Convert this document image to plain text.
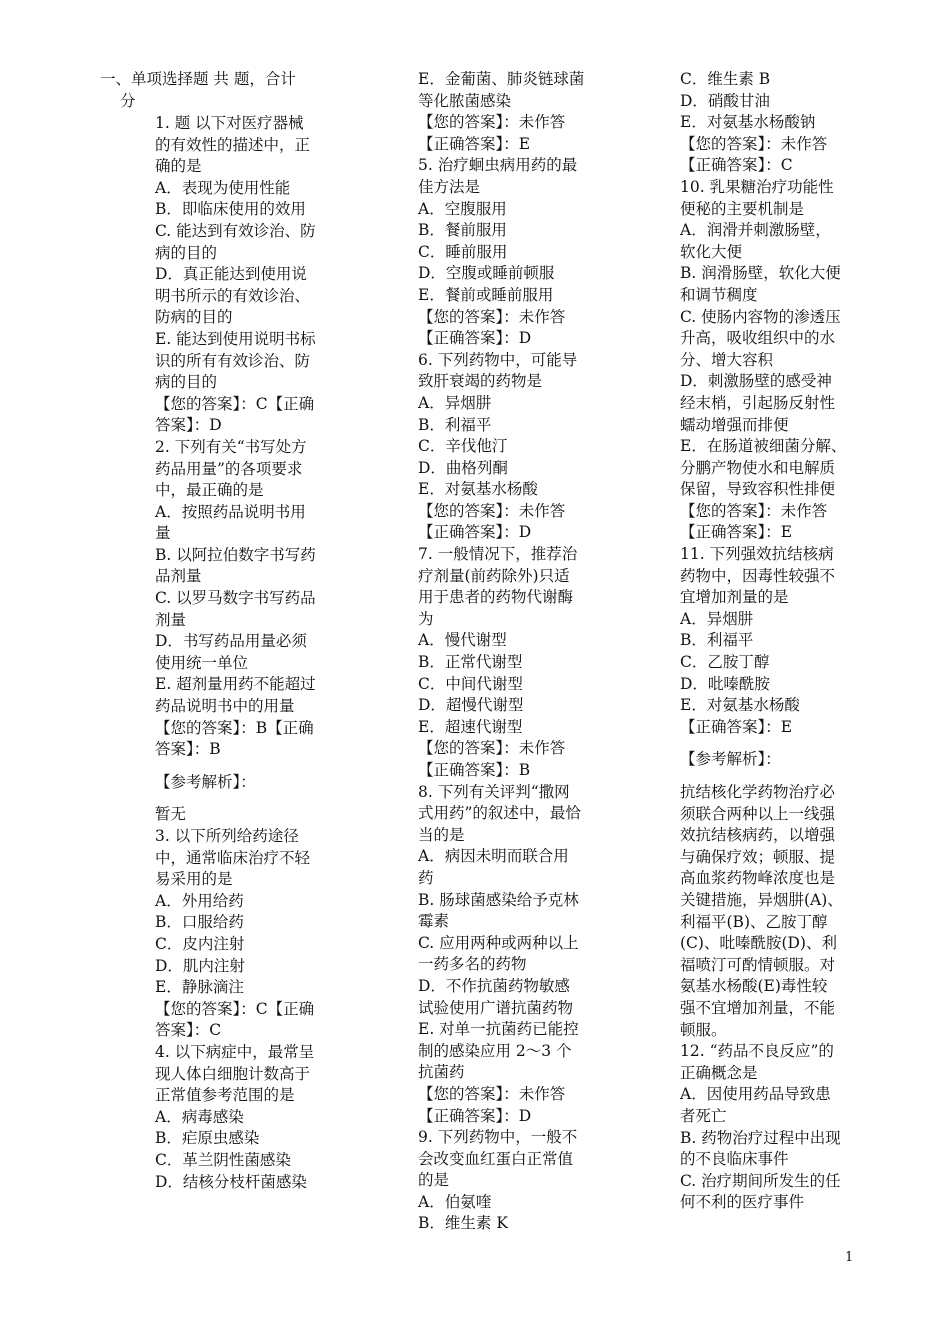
一、单项选择题 共 题，合计
分
1. 题 以下对医疗器械
的有效性的描述中，正
确的是
A．表现为使用性能
B．即临床使用的效用
C. 能达到有效诊治、防
病的目的
D．真正能达到使用说
明书所示的有效诊治、
防病的目的
E. 能达到使用说明书标
识的所有有效诊治、防
病的目的
【您的答案】：C【正确
答案】：D
2. 下列有关“书写处方
药品用量”的各项要求
中，最正确的是
A．按照药品说明书用
量
B. 以阿拉伯数字书写药
品剂量
C. 以罗马数字书写药品
剂量
D．书写药品用量必须
使用统一单位
E. 超剂量用药不能超过
药品说明书中的用量
【您的答案】：B【正确
答案】：B
【参考解析】：
暂无
3. 以下所列给药途径
中，通常临床治疗不轻
易采用的是
A．外用给药
B．口服给药
C．皮内注射
D．肌内注射
E．静脉滴注
【您的答案】：C【正确
答案】：C
4. 以下病症中，最常呈
现人体白细胞计数高于
正常值参考范围的是
A．病毒感染
B．疟原虫感染
C．革兰阴性菌感染
D．结核分枝杆菌感染
E．金葡菌、肺炎链球菌
等化脓菌感染
【您的答案】：未作答
【正确答案】：E
5. 治疗蛔虫病用药的最
佳方法是
A．空腹服用
B．餐前服用
C．睡前服用
D．空腹或睡前顿服
E．餐前或睡前服用
【您的答案】：未作答
【正确答案】：D
6. 下列药物中，可能导
致肝衰竭的药物是
A．异烟肼
B．利福平
C．辛伐他汀
D．曲格列酮
E．对氨基水杨酸
【您的答案】：未作答
【正确答案】：D
7. 一般情况下，推荐治
疗剂量(前药除外)只适
用于患者的药物代谢酶
为
A．慢代谢型
B．正常代谢型
C．中间代谢型
D．超慢代谢型
E．超速代谢型
【您的答案】：未作答
【正确答案】：B
8. 下列有关评判“撒网
式用药”的叙述中，最恰
当的是
A．病因未明而联合用
药
B. 肠球菌感染给予克林
霉素
C. 应用两种或两种以上
一药多名的药物
D．不作抗菌药物敏感
试验使用广谱抗菌药物
E. 对单一抗菌药已能控
制的感染应用 2～3 个
抗菌药
【您的答案】：未作答
【正确答案】：D
9. 下列药物中，一般不
会改变血红蛋白正常值
的是
A．伯氨喹
B．维生素 K
C．维生素 B
D．硝酸甘油
E．对氨基水杨酸钠
【您的答案】：未作答
【正确答案】：C
10. 乳果糖治疗功能性
便秘的主要机制是
A．润滑并刺激肠壁，
软化大便
B. 润滑肠壁，软化大便
和调节稠度
C. 使肠内容物的渗透压
升高，吸收组织中的水
分、增大容积
D．刺激肠壁的感受神
经末梢，引起肠反射性
蠕动增强而排便
E．在肠道被细菌分解、
分鹏产物使水和电解质
保留，导致容积性排便
【您的答案】：未作答
【正确答案】：E
11. 下列强效抗结核病
药物中，因毒性较强不
宜增加剂量的是
A．异烟肼
B．利福平
C．乙胺丁醇
D．吡嗪酰胺
E．对氨基水杨酸
【正确答案】：E
【参考解析】：
抗结核化学药物治疗必
须联合两种以上一线强
效抗结核病药，以增强
与确保疗效；顿服、提
高血浆药物峰浓度也是
关键措施，异烟肼(A)、
利福平(B)、乙胺丁醇
(C)、吡嗪酰胺(D)、利
福喷汀可酌情顿服。对
氨基水杨酸(E)毒性较
强不宜增加剂量，不能
顿服。
12. “药品不良反应”的
正确概念是
A．因使用药品导致患
者死亡
B. 药物治疗过程中出现
的不良临床事件
C. 治疗期间所发生的任
何不利的医疗事件
1
